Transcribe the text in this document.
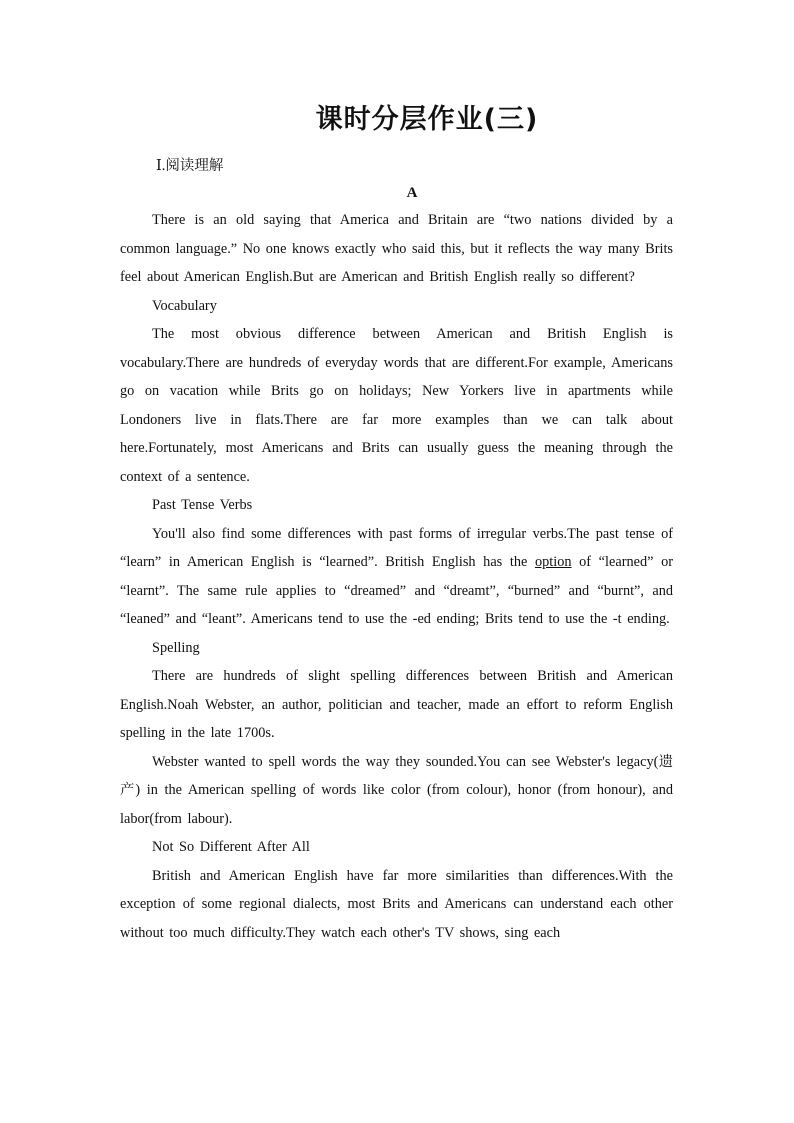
课时分层作业(三)
Ⅰ.阅读理解
A

There is an old saying that America and Britain are “two nations divided by a common language.” No one knows exactly who said this, but it reflects the way many Brits feel about American English.But are American and British English really so different?

Vocabulary

The most obvious difference between American and British English is vocabulary.There are hundreds of everyday words that are different.For example, Americans go on vacation while Brits go on holidays; New Yorkers live in apartments while Londoners live in flats.There are far more examples than we can talk about here.Fortunately, most Americans and Brits can usually guess the meaning through the context of a sentence.

Past Tense Verbs

You'll also find some differences with past forms of irregular verbs.The past tense of “learn” in American English is “learned”. British English has the option of “learned” or “learnt”. The same rule applies to “dreamed” and “dreamt”, “burned” and “burnt”, and “leaned” and “leant”. Americans tend to use the -ed ending; Brits tend to use the -t ending.

Spelling

There are hundreds of slight spelling differences between British and American English.Noah Webster, an author, politician and teacher, made an effort to reform English spelling in the late 1700s.

Webster wanted to spell words the way they sounded.You can see Webster's legacy(遗产) in the American spelling of words like color (from colour), honor (from honour), and labor(from labour).

Not So Different After All

British and American English have far more similarities than differences.With the exception of some regional dialects, most Brits and Americans can understand each other without too much difficulty.They watch each other's TV shows, sing each
